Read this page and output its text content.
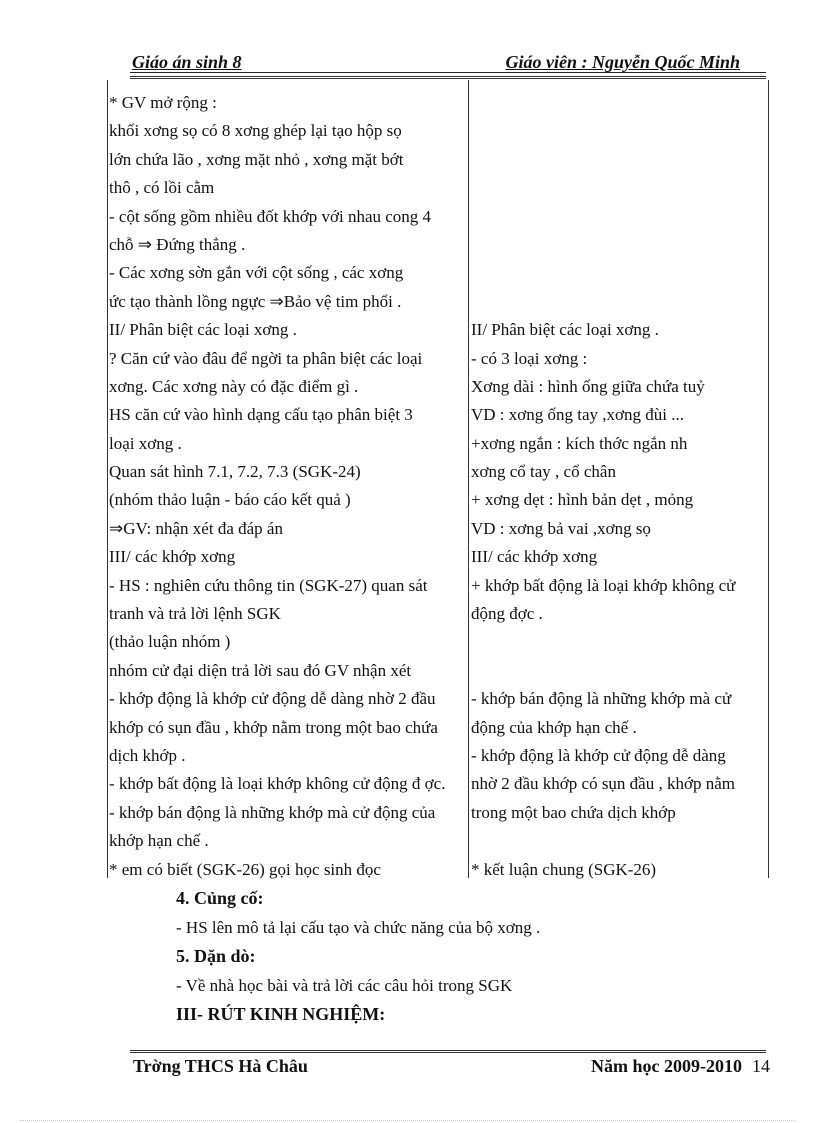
Giáo án sinh 8	Giáo viên : Nguyễn Quốc Minh
* GV mở rộng :
khối xơng sọ có 8 xơng ghép lại tạo hộp sọ
lớn chứa lão , xơng mặt nhỏ , xơng mặt bớt
thô , có lồi cằm
- cột sống gồm nhiều đốt khớp với nhau cong 4
chỗ ⇒ Đứng thẳng .
- Các xơng sờn gắn với cột sống , các xơng
ức tạo thành lồng ngực ⇒Bảo vệ tim phổi .
II/ Phân biệt các loại xơng .
? Căn cứ vào đâu để ngời ta phân biệt các loại
xơng. Các xơng này có đặc điểm gì .
HS căn cứ vào hình dạng cấu tạo phân biệt 3
loại xơng .
Quan sát hình 7.1, 7.2, 7.3 (SGK-24)
(nhóm thảo luận - báo cáo kết quả )
⇒GV: nhận xét đa đáp án
III/ các khớp xơng
- HS : nghiên cứu thông tin (SGK-27) quan sát
tranh và trả lời lệnh SGK
(thảo luận nhóm )
nhóm cử đại diện trả lời sau đó GV nhận xét
- khớp động là khớp cử động dễ dàng nhờ 2 đầu
khớp có sụn đầu , khớp nằm trong một bao chứa
dịch khớp .
- khớp bất động là loại khớp không cử động đ ợc.
- khớp bán động là những khớp mà cử động của
khớp hạn chế .
* em có biết (SGK-26) gọi học sinh đọc
II/ Phân biệt các loại xơng .
- có 3 loại xơng :
Xơng dài : hình ống giữa chứa tuỷ
VD : xơng ống tay ,xơng đùi ...
+xơng ngắn : kích thớc ngắn nh
xơng cổ tay , cổ chân
+ xơng dẹt : hình bản dẹt , mỏng
VD : xơng bả vai ,xơng sọ
III/ các khớp xơng
+ khớp bất động là loại khớp không cử
động đợc .
- khớp bán động là những khớp mà cử
động của khớp hạn chế .
- khớp động là khớp cử động dễ dàng
nhờ 2 đầu khớp có sụn đầu , khớp nằm
trong một bao chứa dịch khớp
* kết luận chung (SGK-26)
4. Củng cố:
- HS lên mô tả lại cấu tạo và chức năng của bộ xơng .
5. Dặn dò:
- Về nhà học bài và trả lời các câu hỏi trong SGK
III- RÚT KINH NGHIỆM:
Trờng THCS Hà Châu	Năm học 2009-2010 14
